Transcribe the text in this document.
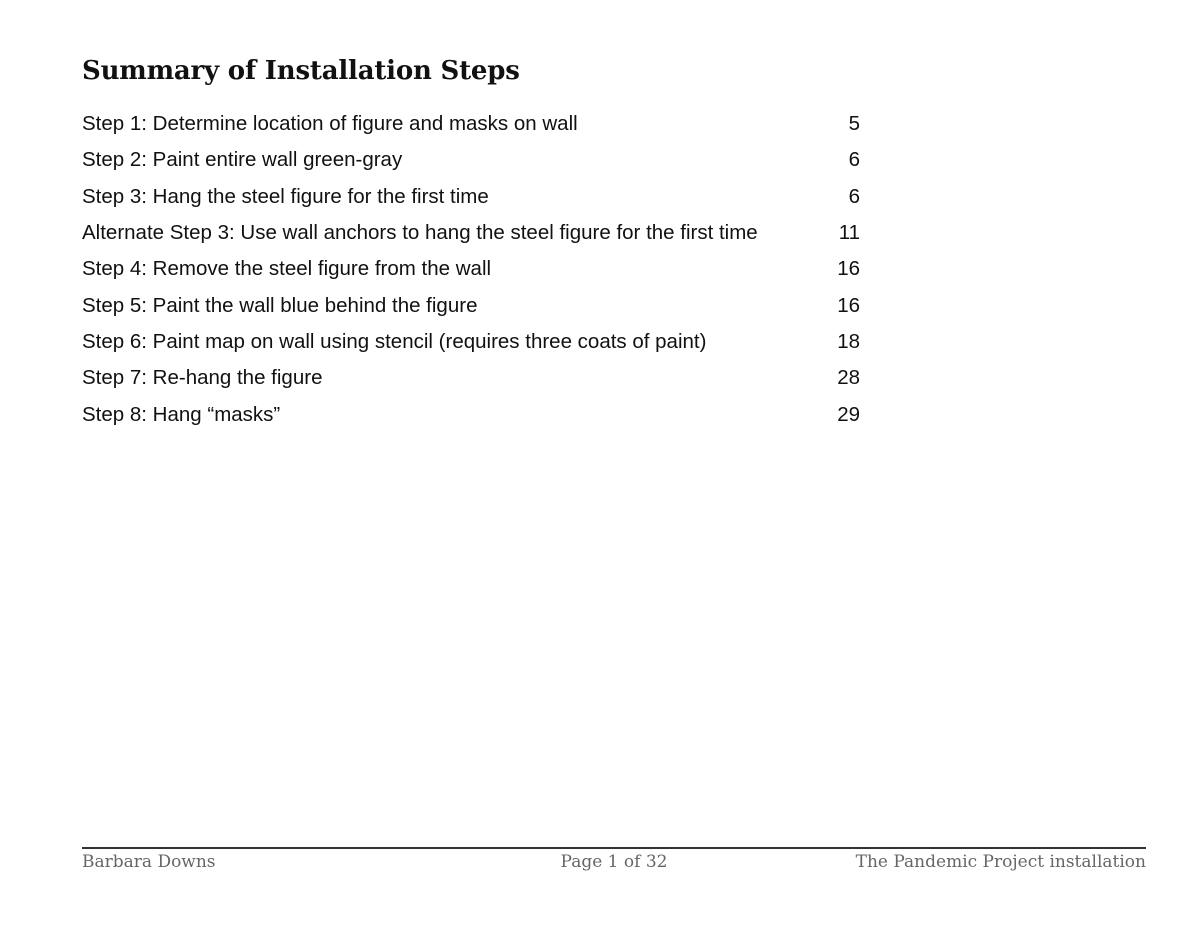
Summary of Installation Steps
Step 1: Determine location of figure and masks on wall	5
Step 2: Paint entire wall green-gray	6
Step 3: Hang the steel figure for the first time	6
Alternate Step 3: Use wall anchors to hang the steel figure for the first time	11
Step 4: Remove the steel figure from the wall	16
Step 5: Paint the wall blue behind the figure	16
Step 6: Paint map on wall using stencil (requires three coats of paint)	18
Step 7: Re-hang the figure	28
Step 8: Hang “masks”	29
Barbara Downs	Page 1 of 32	The Pandemic Project installation
